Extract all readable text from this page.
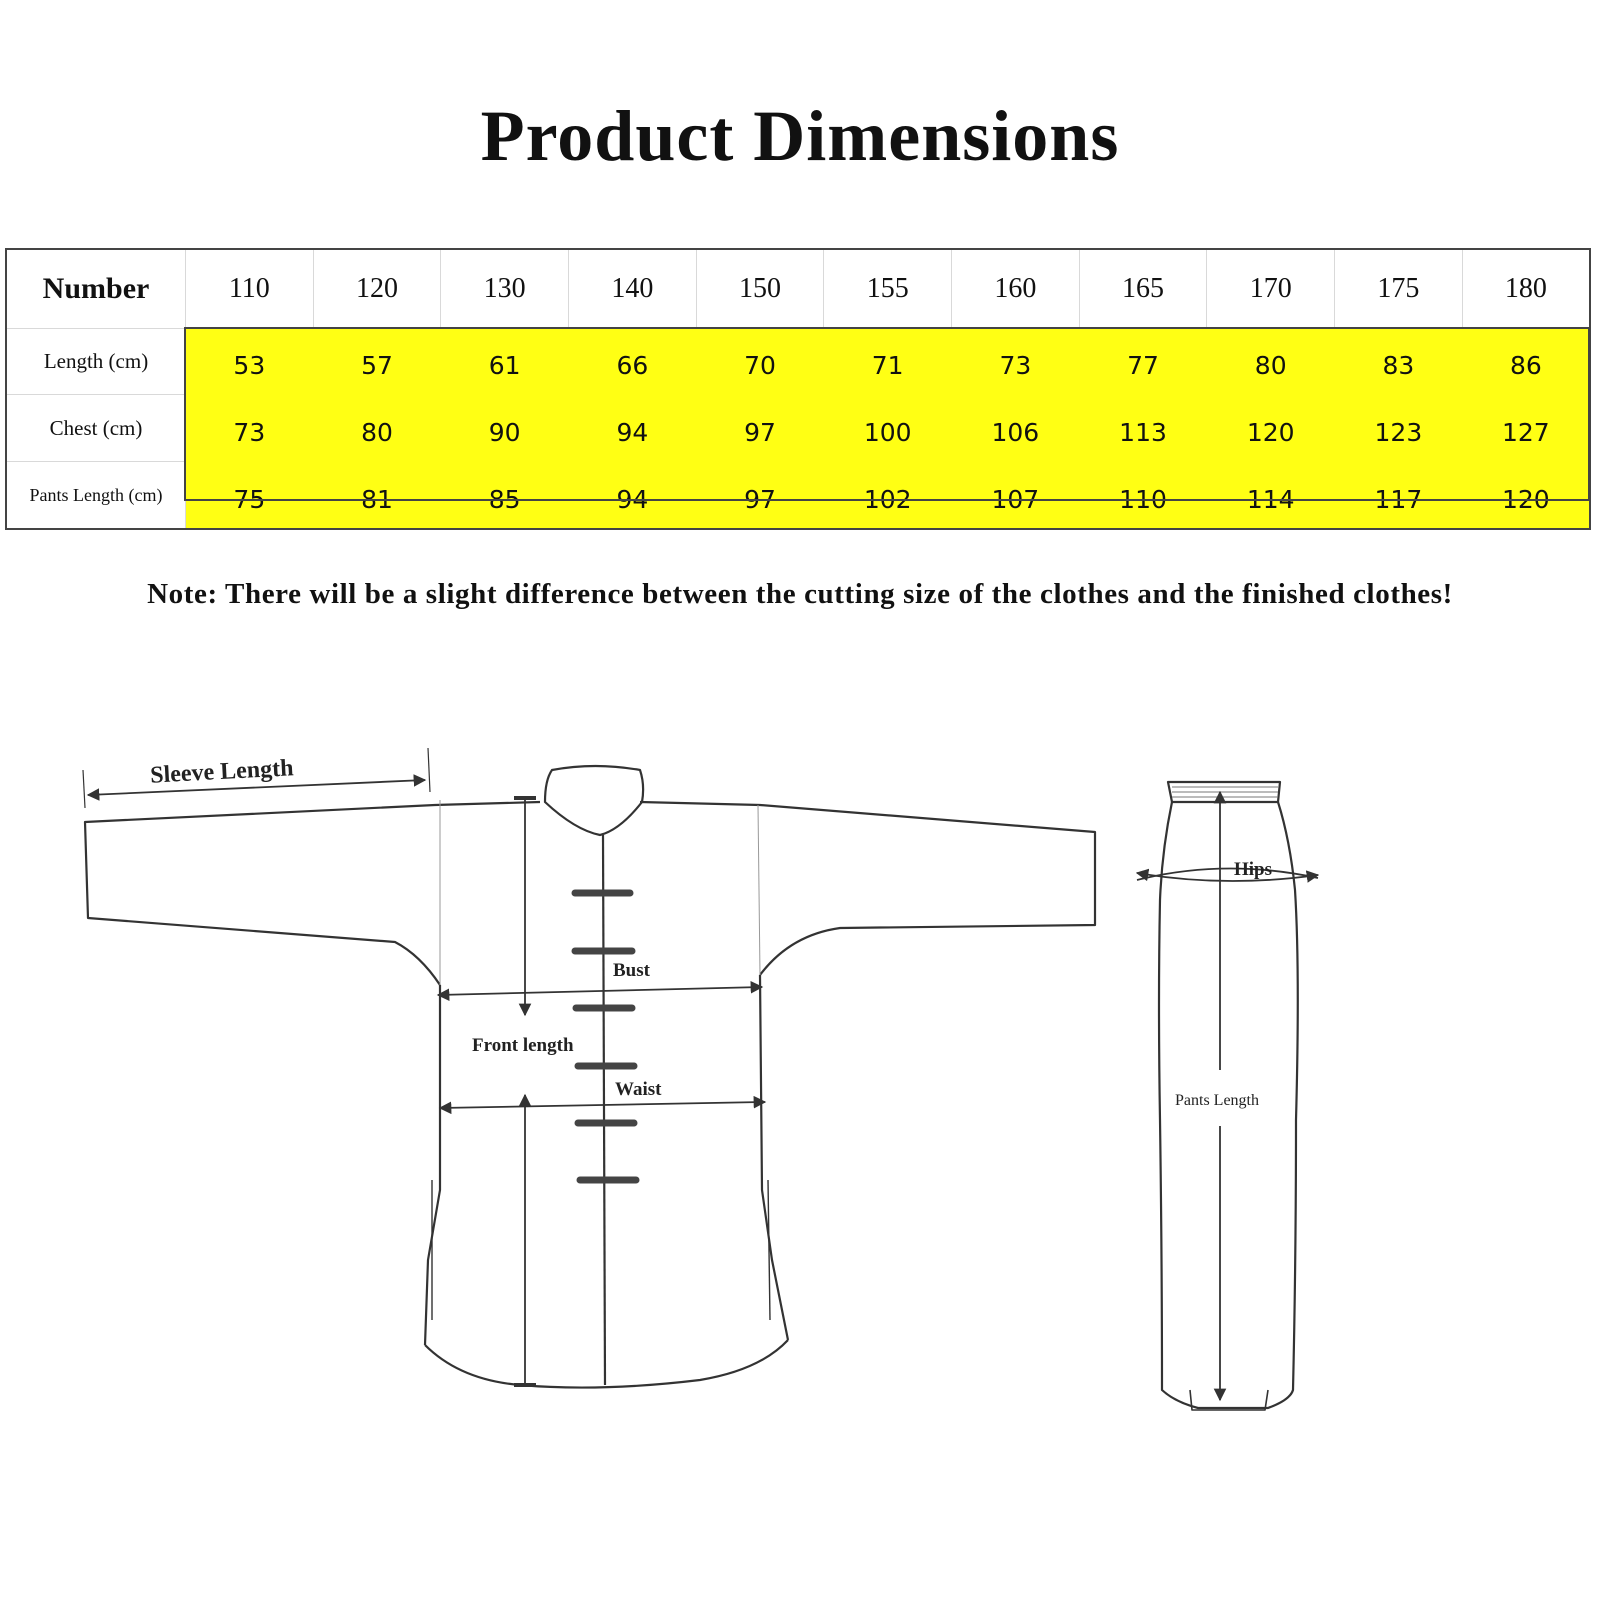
Product Dimensions
Number	110	120	130	140	150	155	160	165	170	175	180
Length (cm)	53	57	61	66	70	71	73	77	80	83	86
Chest (cm)	73	80	90	94	97	100	106	113	120	123	127
Pants Length (cm)	75	81	85	94	97	102	107	110	114	117	120
Note: There will be a slight difference between the cutting size of the clothes and the finished clothes!
Sleeve Length
Bust
Front length
Waist
Hips
Pants Length
